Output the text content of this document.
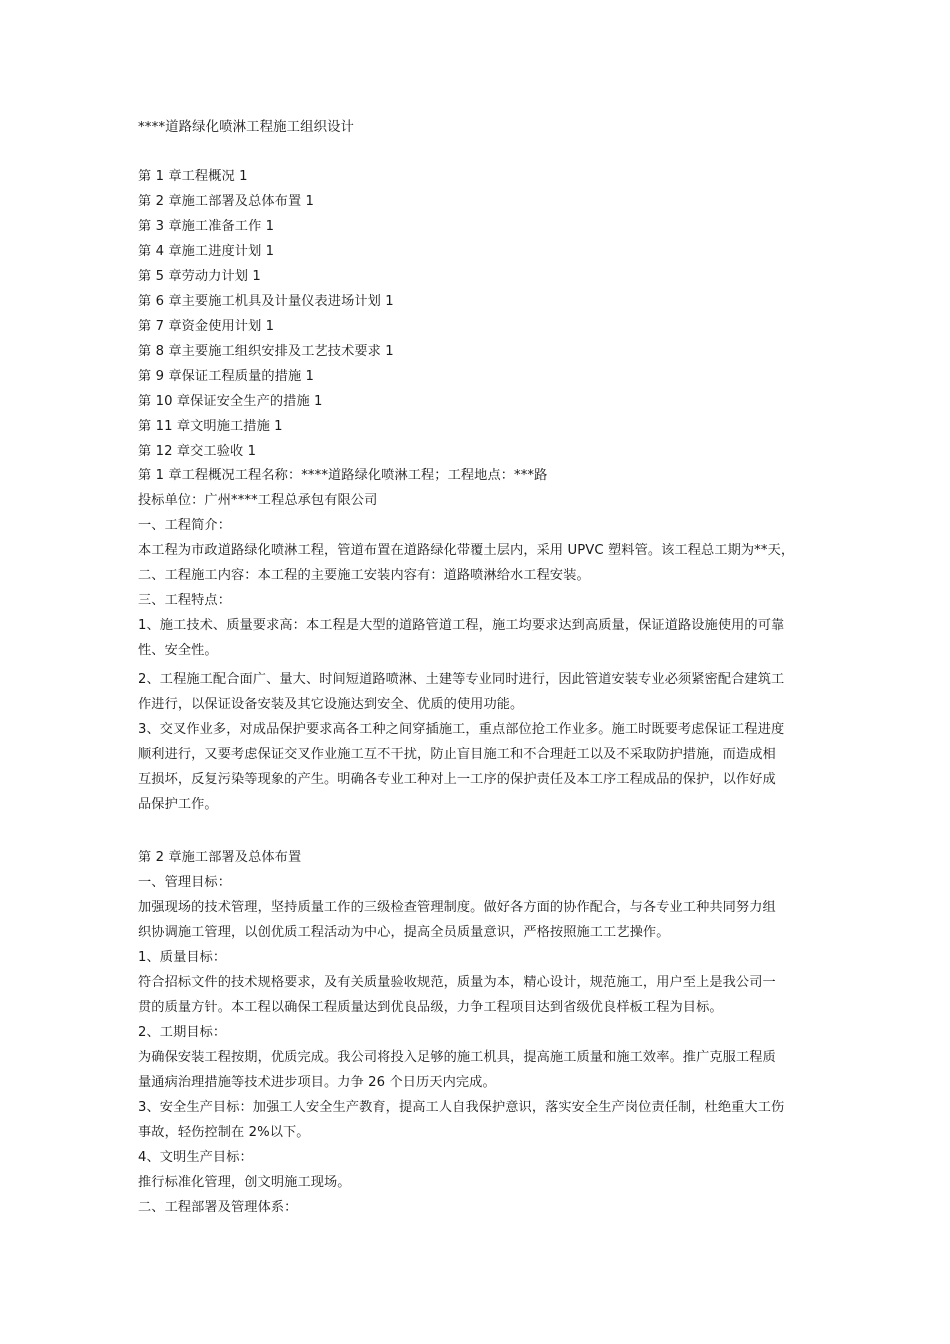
****道路绿化喷淋工程施工组织设计
第 1 章工程概况 1
第 2 章施工部署及总体布置 1
第 3 章施工准备工作 1
第 4 章施工进度计划 1
第 5 章劳动力计划 1
第 6 章主要施工机具及计量仪表进场计划 1
第 7 章资金使用计划 1
第 8 章主要施工组织安排及工艺技术要求 1
第 9 章保证工程质量的措施 1
第 10 章保证安全生产的措施 1
第 11 章文明施工措施 1
第 12 章交工验收 1
第 1 章工程概况工程名称：****道路绿化喷淋工程；工程地点：***路
投标单位：广州****工程总承包有限公司
一、工程简介：
本工程为市政道路绿化喷淋工程，管道布置在道路绿化带覆土层内，采用 UPVC 塑料管。该工程总工期为**天，
二、工程施工内容：本工程的主要施工安装内容有：道路喷淋给水工程安装。
三、工程特点：
1、施工技术、质量要求高：本工程是大型的道路管道工程，施工均要求达到高质量，保证道路设施使用的可靠
性、安全性。
2、工程施工配合面广、量大、时间短道路喷淋、土建等专业同时进行，因此管道安装专业必须紧密配合建筑工
作进行，以保证设备安装及其它设施达到安全、优质的使用功能。
3、交叉作业多，对成品保护要求高各工种之间穿插施工，重点部位抢工作业多。施工时既要考虑保证工程进度
顺利进行，又要考虑保证交叉作业施工互不干扰，防止盲目施工和不合理赶工以及不采取防护措施，而造成相
互损坏，反复污染等现象的产生。明确各专业工种对上一工序的保护责任及本工序工程成品的保护，以作好成
品保护工作。
第 2 章施工部署及总体布置
一、管理目标：
加强现场的技术管理，坚持质量工作的三级检查管理制度。做好各方面的协作配合，与各专业工种共同努力组
织协调施工管理，以创优质工程活动为中心，提高全员质量意识，严格按照施工工艺操作。
1、质量目标：
符合招标文件的技术规格要求，及有关质量验收规范，质量为本，精心设计，规范施工，用户至上是我公司一
贯的质量方针。本工程以确保工程质量达到优良品级，力争工程项目达到省级优良样板工程为目标。
2、工期目标：
为确保安装工程按期，优质完成。我公司将投入足够的施工机具，提高施工质量和施工效率。推广克服工程质
量通病治理措施等技术进步项目。力争 26 个日历天内完成。
3、安全生产目标：加强工人安全生产教育，提高工人自我保护意识，落实安全生产岗位责任制，杜绝重大工伤
事故，轻伤控制在 2%以下。
4、文明生产目标：
推行标准化管理，创文明施工现场。
二、工程部署及管理体系：
